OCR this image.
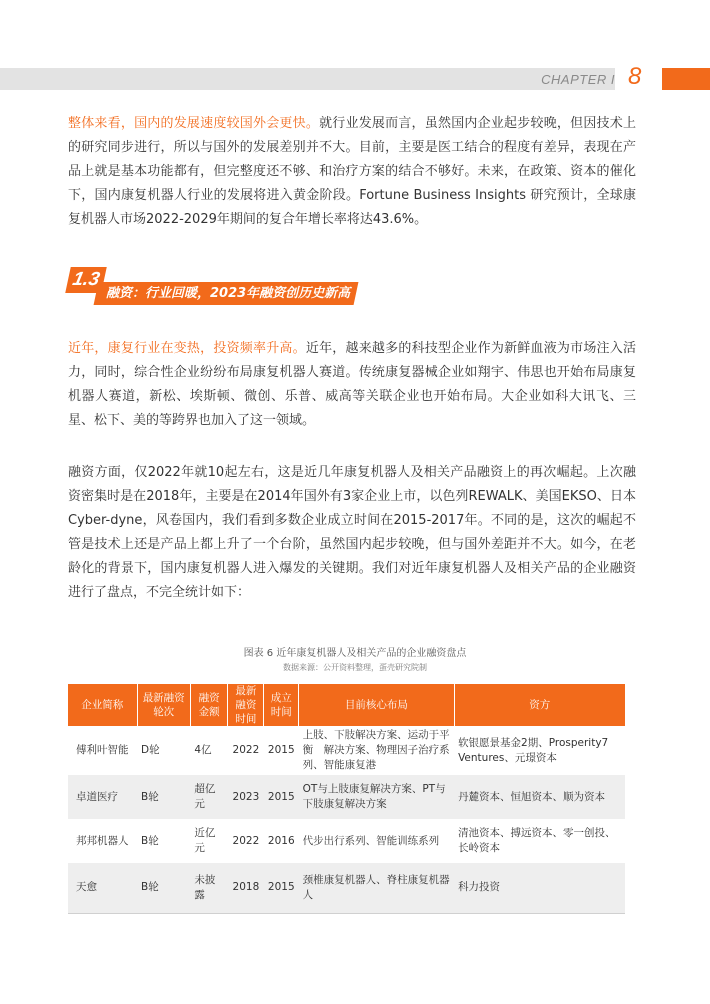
CHAPTER I 8

整体来看，国内的发展速度较国外会更快。就行业发展而言，虽然国内企业起步较晚，但因技术上的研究同步进行，所以与国外的发展差别并不大。目前，主要是医工结合的程度有差异，表现在产品上就是基本功能都有，但完整度还不够、和治疗方案的结合不够好。未来，在政策、资本的催化下，国内康复机器人行业的发展将进入黄金阶段。Fortune Business Insights 研究预计，全球康复机器人市场2022-2029年期间的复合年增长率将达43.6%。

1.3
融资：行业回暖，2023年融资创历史新高

近年，康复行业在变热，投资频率升高。近年，越来越多的科技型企业作为新鲜血液为市场注入活力，同时，综合性企业纷纷布局康复机器人赛道。传统康复器械企业如翔宇、伟思也开始布局康复机器人赛道，新松、埃斯顿、微创、乐普、威高等关联企业也开始布局。大企业如科大讯飞、三星、松下、美的等跨界也加入了这一领域。

融资方面，仅2022年就10起左右，这是近几年康复机器人及相关产品融资上的再次崛起。上次融资密集时是在2018年，主要是在2014年国外有3家企业上市，以色列REWALK、美国EKSO、日本Cyber-dyne，风卷国内，我们看到多数企业成立时间在2015-2017年。不同的是，这次的崛起不管是技术上还是产品上都上升了一个台阶，虽然国内起步较晚，但与国外差距并不大。如今，在老龄化的背景下，国内康复机器人进入爆发的关键期。我们对近年康复机器人及相关产品的企业融资进行了盘点，不完全统计如下：

图表 6 近年康复机器人及相关产品的企业融资盘点
数据来源：公开资料整理，蛋壳研究院制
企业简称	最新融资轮次	融资金额	最新融资时间	成立时间	目前核心布局	资方
傅利叶智能	D轮	4亿	2022	2015	上肢、下肢解决方案、运动于平衡　解决方案、物理因子治疗系列、智能康复港	软银愿景基金2期、Prosperity7 Ventures、元璟资本
卓道医疗	B轮	超亿元	2023	2015	OT与上肢康复解决方案、PT与下肢康复解决方案	丹麓资本、恒旭资本、顺为资本
邦邦机器人	B轮	近亿元	2022	2016	代步出行系列、智能训练系列	清池资本、搏远资本、零一创投、长岭资本
天愈	B轮	未披露	2018	2015	颈椎康复机器人、脊柱康复机器人	科力投资
